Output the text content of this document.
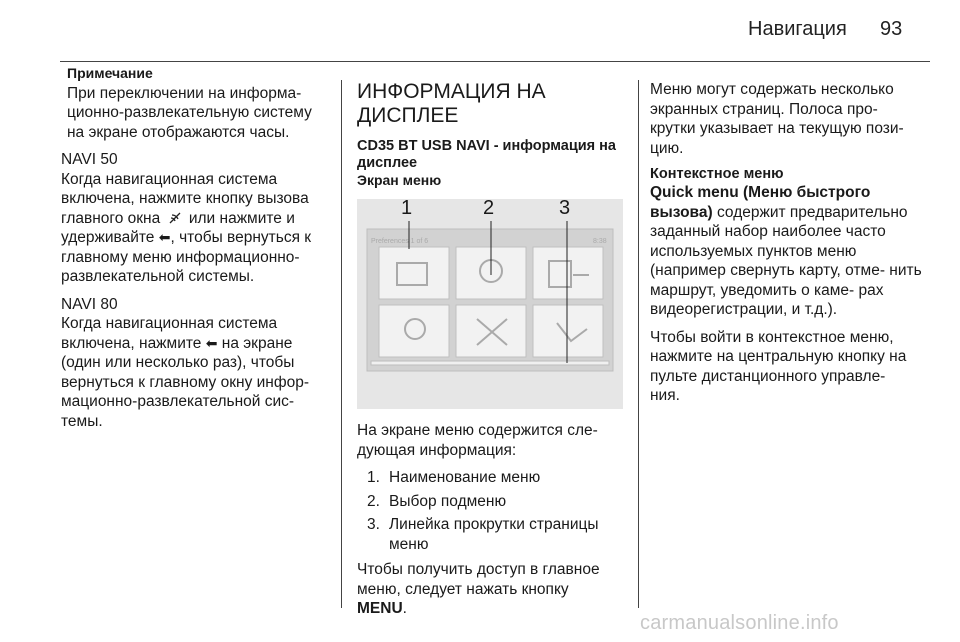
Навигация 93
Примечание
При переключении на информа-
ционно-развлекательную систему
на экране отображаются часы.
NAVI 50
Когда навигационная система
включена, нажмите кнопку вызова
главного окна или нажмите и
удерживайте ⬅, чтобы вернуться к
главному меню информационно-
развлекательной системы.
NAVI 80
Когда навигационная система
включена, нажмите ⬅ на экране
(один или несколько раз), чтобы
вернуться к главному окну инфор-
мационно-развлекательной сис-
темы.
ИНФОРМАЦИЯ НА ДИСПЛЕЕ
CD35 BT USB NAVI - информация на дисплее
Экран меню
1	2	3
Preferences 1 of 6	8:38
На экране меню содержится сле-
дующая информация:
1. Наименование меню
2. Выбор подменю
3. Линейка прокрутки страницы меню
Чтобы получить доступ в главное
меню, следует нажать кнопку
MENU.
Меню могут содержать несколько
экранных страниц. Полоса про-
крутки указывает на текущую пози-
цию.
Контекстное меню
Quick menu (Меню быстрого вызова) содержит предварительно заданный набор наиболее часто используемых пунктов меню (например свернуть карту, отме- нить маршрут, уведомить о каме- рах видеорегистрации, и т.д.).
Чтобы войти в контекстное меню,
нажмите на центральную кнопку на
пульте дистанционного управле-
ния.
carmanualsonline.info
